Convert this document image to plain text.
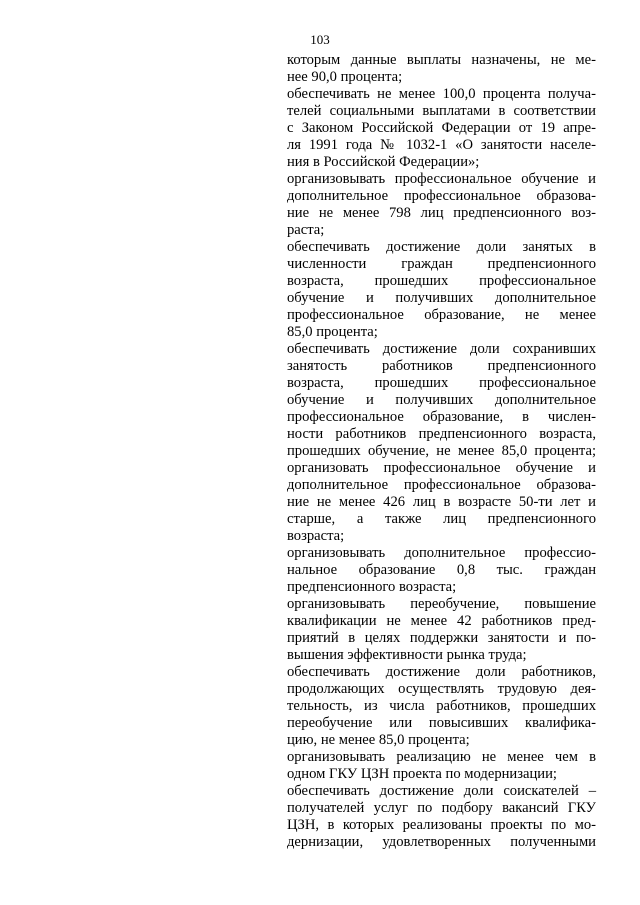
103
которым данные выплаты назначены, не ме-
нее 90,0 процента;
обеспечивать не менее 100,0 процента получа-
телей социальными выплатами в соответствии
с Законом Российской Федерации от 19 апре-
ля 1991 года № 1032-1 «О занятости населе-
ния в Российской Федерации»;
организовывать профессиональное обучение и
дополнительное профессиональное образова-
ние не менее 798 лиц предпенсионного воз-
раста;
обеспечивать достижение доли занятых в
численности граждан предпенсионного
возраста, прошедших профессиональное
обучение и получивших дополнительное
профессиональное образование, не менее
85,0 процента;
обеспечивать достижение доли сохранивших
занятость работников предпенсионного
возраста, прошедших профессиональное
обучение и получивших дополнительное
профессиональное образование, в числен-
ности работников предпенсионного возраста,
прошедших обучение, не менее 85,0 процента;
организовать профессиональное обучение и
дополнительное профессиональное образова-
ние не менее 426 лиц в возрасте 50-ти лет и
старше, а также лиц предпенсионного
возраста;
организовывать дополнительное профессио-
нальное образование 0,8 тыс. граждан
предпенсионного возраста;
организовывать переобучение, повышение
квалификации не менее 42 работников пред-
приятий в целях поддержки занятости и по-
вышения эффективности рынка труда;
обеспечивать достижение доли работников,
продолжающих осуществлять трудовую дея-
тельность, из числа работников, прошедших
переобучение или повысивших квалифика-
цию, не менее 85,0 процента;
организовывать реализацию не менее чем в
одном ГКУ ЦЗН проекта по модернизации;
обеспечивать достижение доли соискателей –
получателей услуг по подбору вакансий ГКУ
ЦЗН, в которых реализованы проекты по мо-
дернизации, удовлетворенных полученными
